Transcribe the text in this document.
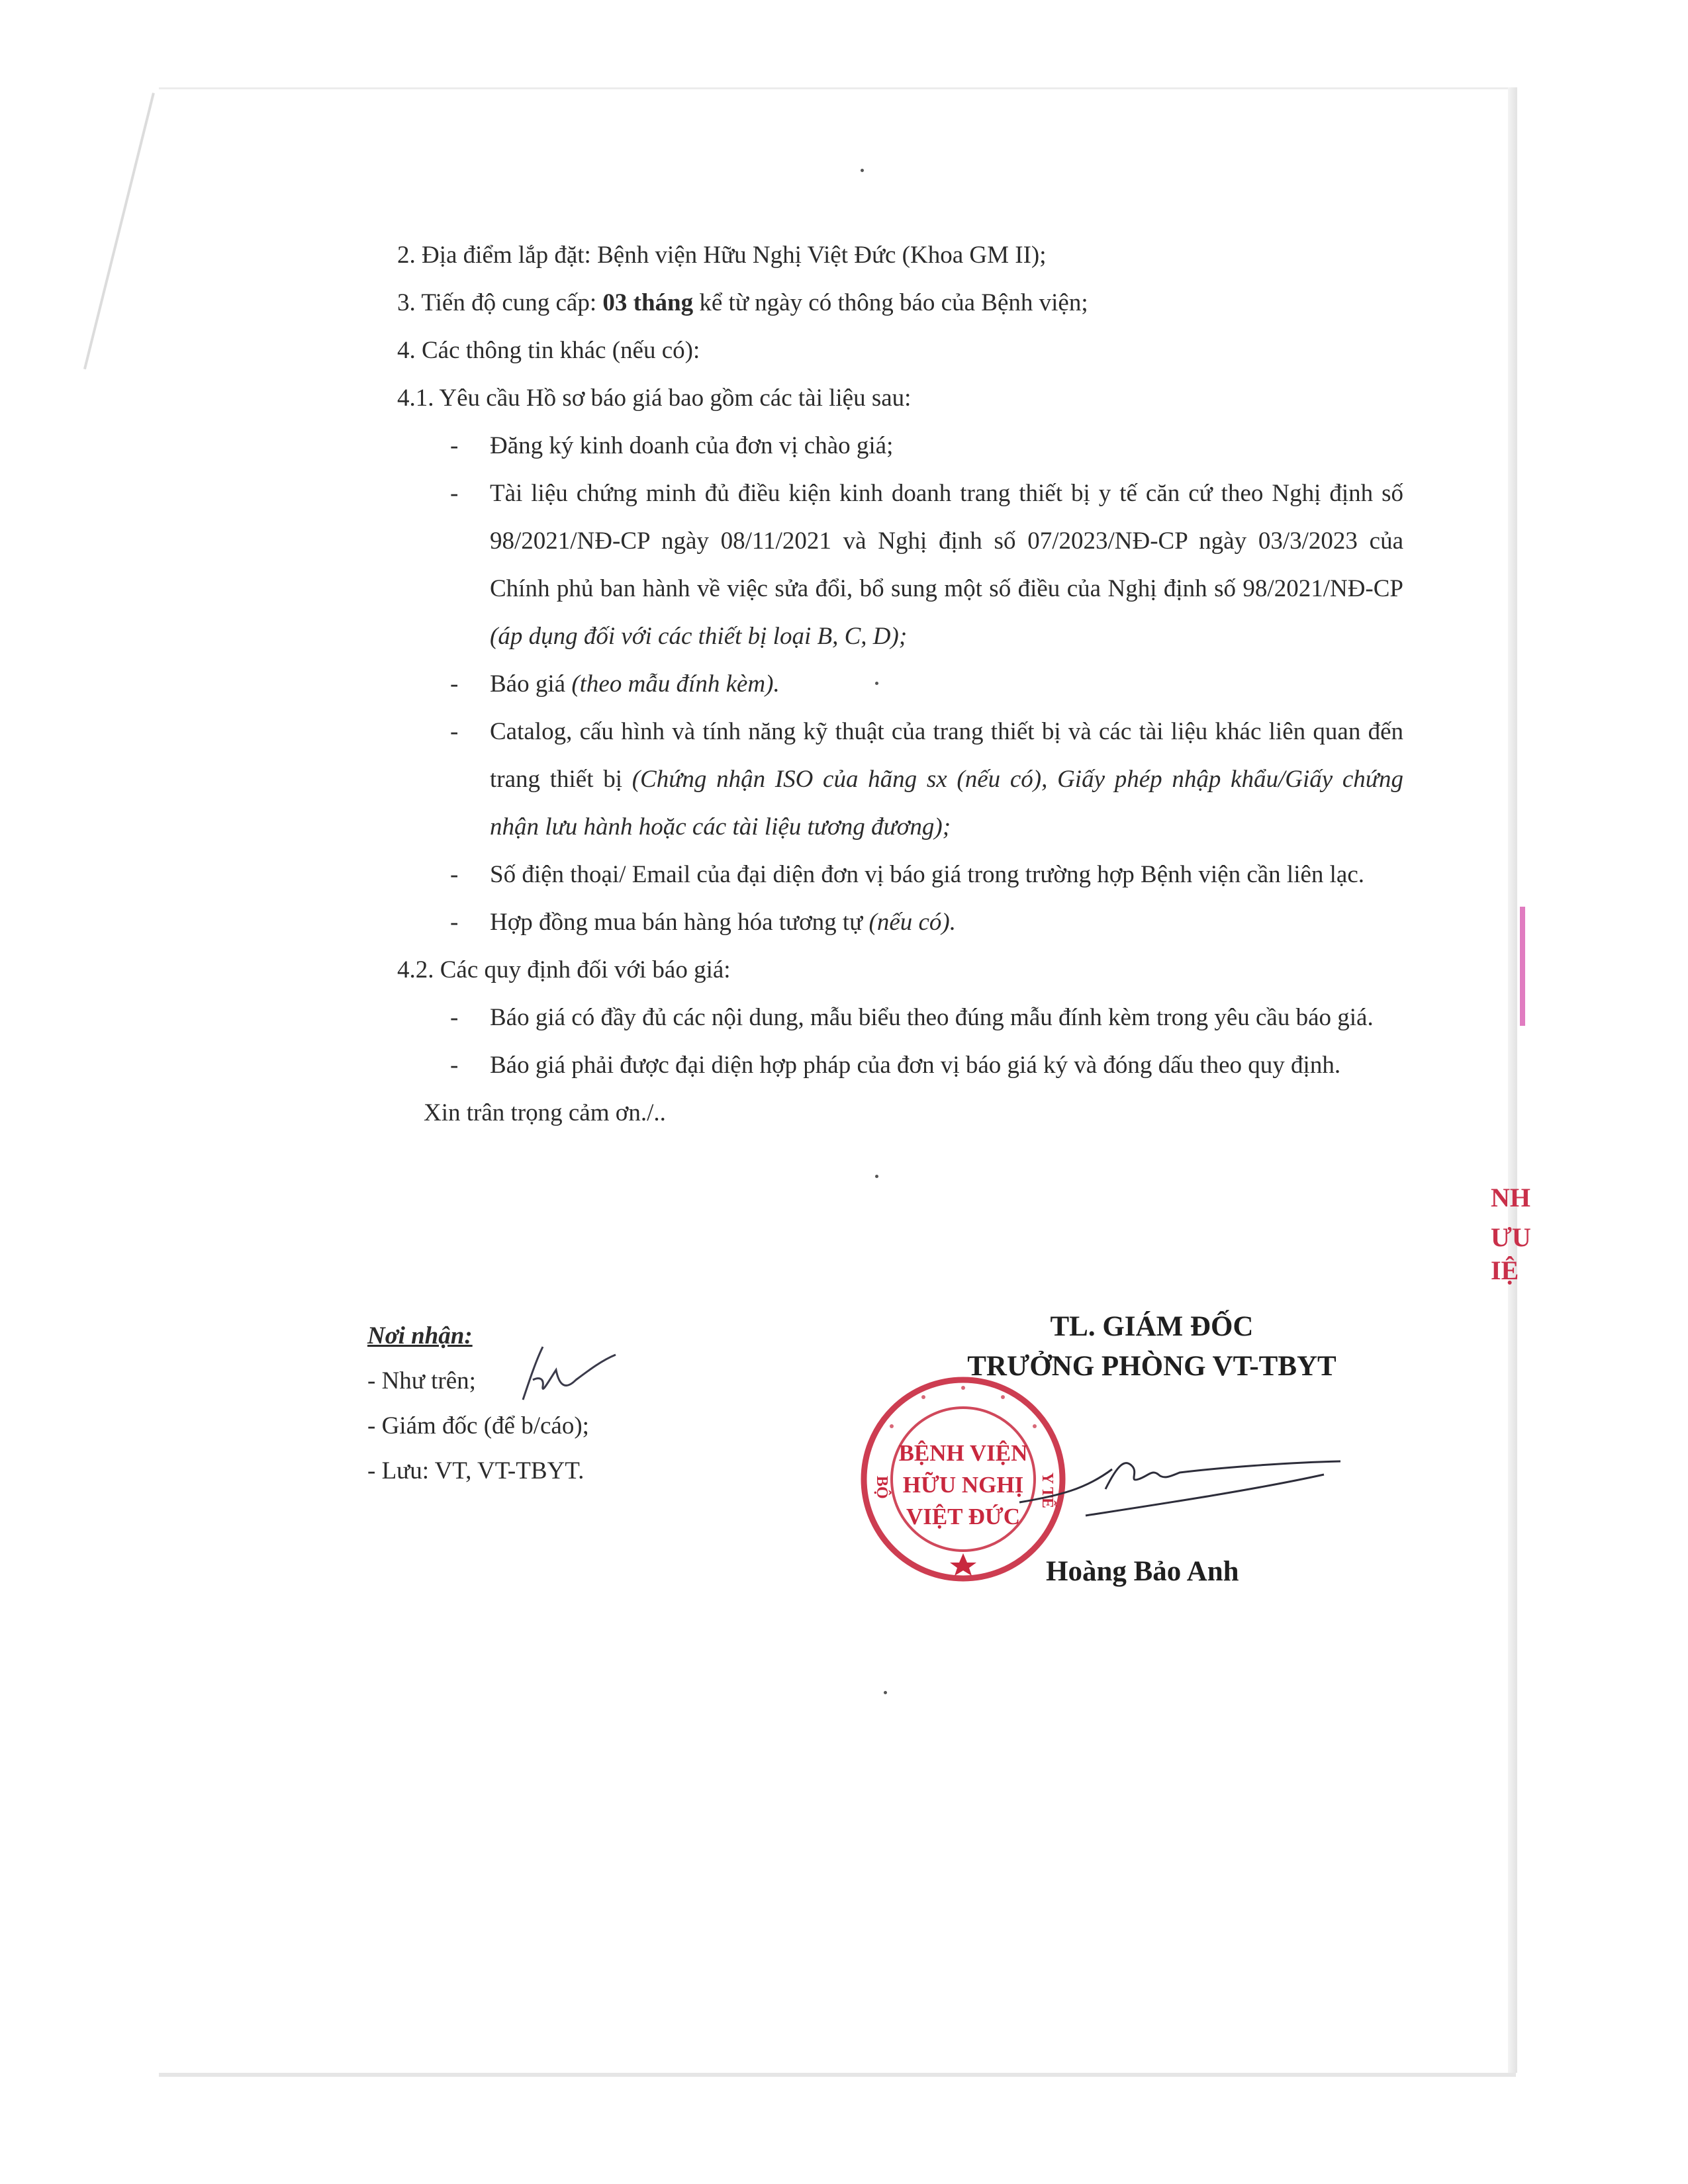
NH
ƯU
IỆ

2. Địa điểm lắp đặt: Bệnh viện Hữu Nghị Việt Đức (Khoa GM II);

3. Tiến độ cung cấp: 03 tháng kể từ ngày có thông báo của Bệnh viện;

4. Các thông tin khác (nếu có):

4.1. Yêu cầu Hồ sơ báo giá bao gồm các tài liệu sau:

- Đăng ký kinh doanh của đơn vị chào giá;

- Tài liệu chứng minh đủ điều kiện kinh doanh trang thiết bị y tế căn cứ theo Nghị định số 98/2021/NĐ-CP ngày 08/11/2021 và Nghị định số 07/2023/NĐ-CP ngày 03/3/2023 của Chính phủ ban hành về việc sửa đổi, bổ sung một số điều của Nghị định số 98/2021/NĐ-CP (áp dụng đối với các thiết bị loại B, C, D);

- Báo giá (theo mẫu đính kèm).

- Catalog, cấu hình và tính năng kỹ thuật của trang thiết bị và các tài liệu khác liên quan đến trang thiết bị (Chứng nhận ISO của hãng sx (nếu có), Giấy phép nhập khẩu/Giấy chứng nhận lưu hành hoặc các tài liệu tương đương);

- Số điện thoại/ Email của đại diện đơn vị báo giá trong trường hợp Bệnh viện cần liên lạc.

- Hợp đồng mua bán hàng hóa tương tự (nếu có).

4.2. Các quy định đối với báo giá:

- Báo giá có đầy đủ các nội dung, mẫu biểu theo đúng mẫu đính kèm trong yêu cầu báo giá.

- Báo giá phải được đại diện hợp pháp của đơn vị báo giá ký và đóng dấu theo quy định.

Xin trân trọng cảm ơn./..

Nơi nhận:
- Như trên;
- Giám đốc (để b/cáo);
- Lưu: VT, VT-TBYT.
TL. GIÁM ĐỐC
TRƯỞNG PHÒNG VT-TBYT
BỆNH VIỆN
HỮU NGHỊ
VIỆT ĐỨC
BỘ	Y TẾ
Hoàng Bảo Anh
